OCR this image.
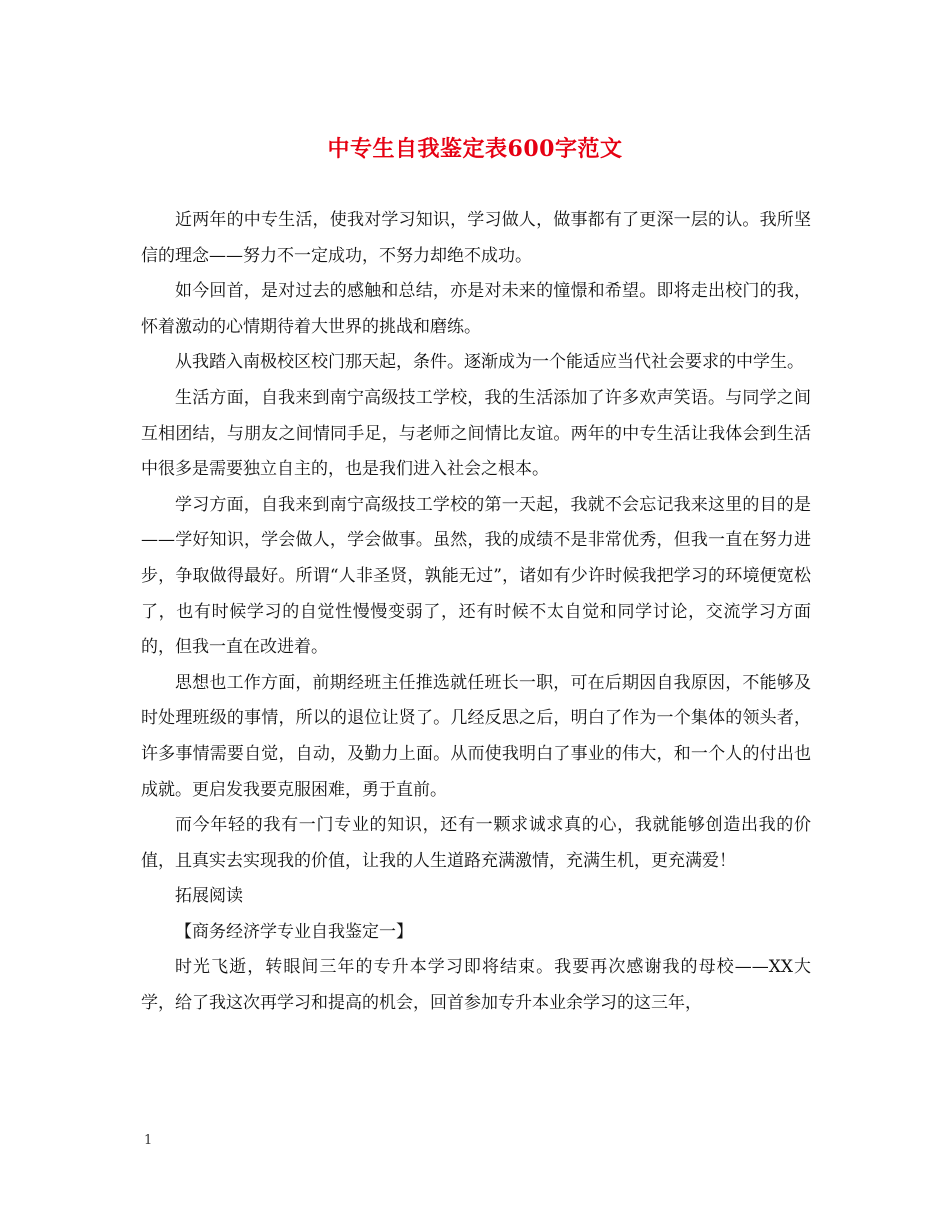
中专生自我鉴定表600字范文

近两年的中专生活，使我对学习知识，学习做人，做事都有了更深一层的认。我所坚信的理念——努力不一定成功，不努力却绝不成功。

如今回首，是对过去的感触和总结，亦是对未来的憧憬和希望。即将走出校门的我，怀着激动的心情期待着大世界的挑战和磨练。

从我踏入南极校区校门那天起，条件。逐渐成为一个能适应当代社会要求的中学生。

生活方面，自我来到南宁高级技工学校，我的生活添加了许多欢声笑语。与同学之间互相团结，与朋友之间情同手足，与老师之间情比友谊。两年的中专生活让我体会到生活中很多是需要独立自主的，也是我们进入社会之根本。

学习方面，自我来到南宁高级技工学校的第一天起，我就不会忘记我来这里的目的是——学好知识，学会做人，学会做事。虽然，我的成绩不是非常优秀，但我一直在努力进步，争取做得最好。所谓“人非圣贤，孰能无过”，诸如有少许时候我把学习的环境便宽松了，也有时候学习的自觉性慢慢变弱了，还有时候不太自觉和同学讨论，交流学习方面的，但我一直在改进着。

思想也工作方面，前期经班主任推选就任班长一职，可在后期因自我原因，不能够及时处理班级的事情，所以的退位让贤了。几经反思之后，明白了作为一个集体的领头者，许多事情需要自觉，自动，及勤力上面。从而使我明白了事业的伟大，和一个人的付出也成就。更启发我要克服困难，勇于直前。

而今年轻的我有一门专业的知识，还有一颗求诚求真的心，我就能够创造出我的价值，且真实去实现我的价值，让我的人生道路充满激情，充满生机，更充满爱！

拓展阅读

【商务经济学专业自我鉴定一】

时光飞逝，转眼间三年的专升本学习即将结束。我要再次感谢我的母校——XX大学，给了我这次再学习和提高的机会，回首参加专升本业余学习的这三年，

1
